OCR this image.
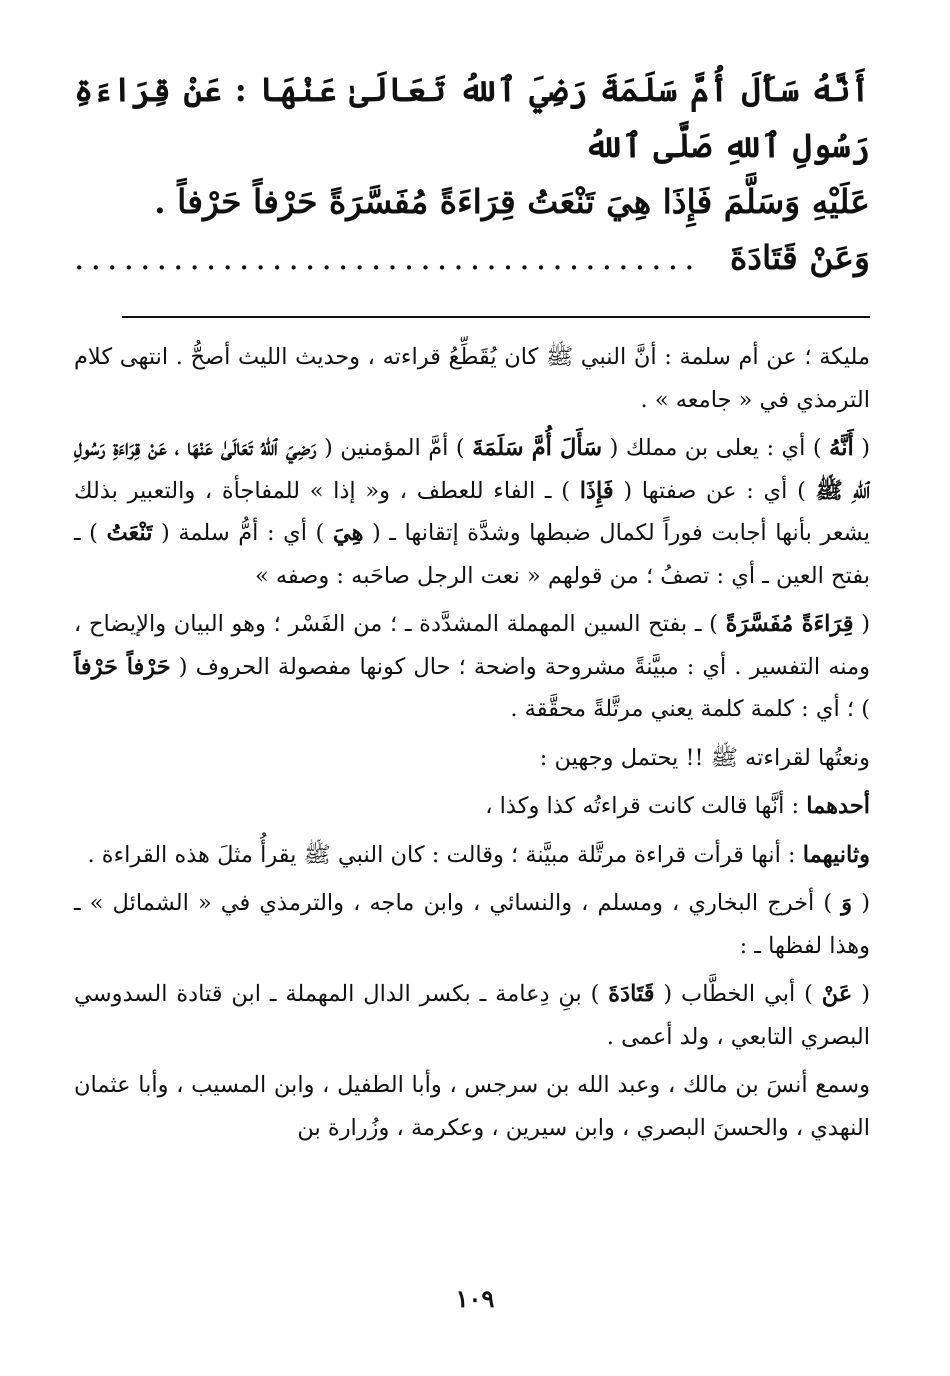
أَنَّهُ سَأَلَ أُمَّ سَلَمَةَ رَضِيَ ٱللهُ تَعَالَىٰ عَنْهَا : عَنْ قِرَاءَةِ رَسُولِ ٱللهِ صَلَّى ٱللهُ

عَلَيْهِ وَسَلَّمَ فَإِذَا هِيَ تَنْعَتُ قِرَاءَةً مُفَسَّرَةً حَرْفاً حَرْفاً .

وَعَنْ قَتَادَةَ
......................................

مليكة ؛ عن أم سلمة : أنَّ النبي ﷺ كان يُقَطِّعُ قراءته ، وحديث الليث أصحُّ . انتهى كلام الترمذي في « جامعه » .

( أَنَّهُ ) أي : يعلى بن مملك ( سَأَلَ أُمَّ سَلَمَةَ ) أمَّ المؤمنين ( رَضِيَ ٱللهُ تَعَالَىٰ عَنْهَا ، عَنْ قِرَاءَةِ رَسُولِ ٱللهِ ﷺ ) أي : عن صفتها ( فَإِذَا ) ـ الفاء للعطف ، و« إذا » للمفاجأة ، والتعبير بذلك يشعر بأنها أجابت فوراً لكمال ضبطها وشدَّة إتقانها ـ ( هِيَ ) أي : أمُّ سلمة ( تَنْعَتُ ) ـ بفتح العين ـ أي : تصفُ ؛ من قولهم « نعت الرجل صاحَبه : وصفه »

( قِرَاءَةً مُفَسَّرَةً ) ـ بفتح السين المهملة المشدَّدة ـ ؛ من الفَسْر ؛ وهو البيان والإيضاح ، ومنه التفسير . أي : مبيَّنةً مشروحة واضحة ؛ حال كونها مفصولة الحروف ( حَرْفاً حَرْفاً ) ؛ أي : كلمة كلمة يعني مرتَّلةً محقَّقة .

ونعتُها لقراءته ﷺ !! يحتمل وجهين :

أحدهما : أنَّها قالت كانت قراءتُه كذا وكذا ،

وثانيهما : أنها قرأت قراءة مرتَّلة مبيَّنة ؛ وقالت : كان النبي ﷺ يقرأُ مثلَ هذه القراءة .

( وَ ) أخرج البخاري ، ومسلم ، والنسائي ، وابن ماجه ، والترمذي في « الشمائل » ـ وهذا لفظها ـ :

( عَنْ ) أبي الخطَّاب ( قَتَادَةَ ) بنِ دِعامة ـ بكسر الدال المهملة ـ ابن قتادة السدوسي البصري التابعي ، ولد أعمى .

وسمع أنسَ بن مالك ، وعبد الله بن سرجس ، وأبا الطفيل ، وابن المسيب ، وأبا عثمان النهدي ، والحسنَ البصري ، وابن سيرين ، وعكرمة ، وزُرارة بن

١٠٩
